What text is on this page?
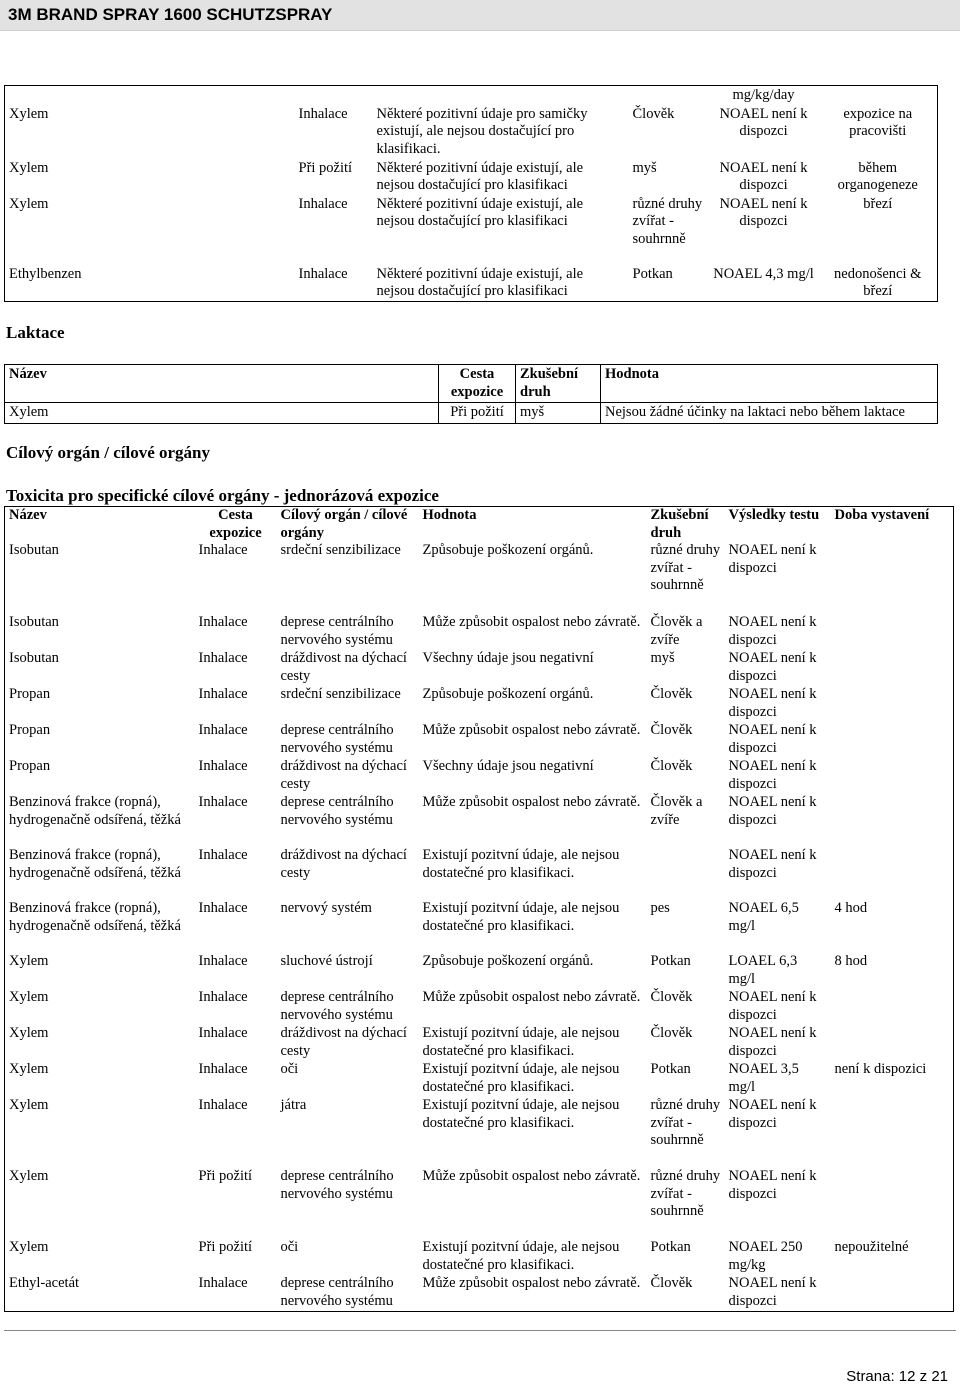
3M BRAND SPRAY 1600 SCHUTZSPRAY
				mg/kg/day	
Xylem	Inhalace	Některé pozitivní údaje pro samičky existují, ale nejsou dostačující pro klasifikaci.	Člověk	NOAEL není k dispozci	expozice na pracovišti
Xylem	Při požití	Některé pozitivní údaje existují, ale nejsou dostačující pro klasifikaci	myš	NOAEL není k dispozci	během organogeneze
Xylem	Inhalace	Některé pozitivní údaje existují, ale nejsou dostačující pro klasifikaci	různé druhy zvířat - souhrnně	NOAEL není k dispozci	březí
Ethylbenzen	Inhalace	Některé pozitivní údaje existují, ale nejsou dostačující pro klasifikaci	Potkan	NOAEL 4,3 mg/l	nedonošenci & březí
Laktace
Název	Cesta expozice	Zkušební druh	Hodnota
Xylem	Při požití	myš	Nejsou žádné účinky na laktaci nebo během laktace
Cílový orgán / cílové orgány
Toxicita pro specifické cílové orgány - jednorázová expozice
Název	Cesta expozice	Cílový orgán / cílové orgány	Hodnota	Zkušební druh	Výsledky testu	Doba vystavení
Isobutan	Inhalace	srdeční senzibilizace	Způsobuje poškození orgánů.	různé druhy zvířat - souhrnně	NOAEL není k dispozci	
Isobutan	Inhalace	deprese centrálního nervového systému	Může způsobit ospalost nebo závratě.	Člověk a zvíře	NOAEL není k dispozci	
Isobutan	Inhalace	dráždivost na dýchací cesty	Všechny údaje jsou negativní	myš	NOAEL není k dispozci	
Propan	Inhalace	srdeční senzibilizace	Způsobuje poškození orgánů.	Člověk	NOAEL není k dispozci	
Propan	Inhalace	deprese centrálního nervového systému	Může způsobit ospalost nebo závratě.	Člověk	NOAEL není k dispozci	
Propan	Inhalace	dráždivost na dýchací cesty	Všechny údaje jsou negativní	Člověk	NOAEL není k dispozci	
Benzinová frakce (ropná), hydrogenačně odsířená, těžká	Inhalace	deprese centrálního nervového systému	Může způsobit ospalost nebo závratě.	Člověk a zvíře	NOAEL není k dispozci	
Benzinová frakce (ropná), hydrogenačně odsířená, těžká	Inhalace	dráždivost na dýchací cesty	Existují pozitvní údaje, ale nejsou dostatečné pro klasifikaci.		NOAEL není k dispozci	
Benzinová frakce (ropná), hydrogenačně odsířená, těžká	Inhalace	nervový systém	Existují pozitvní údaje, ale nejsou dostatečné pro klasifikaci.	pes	NOAEL 6,5 mg/l	4 hod
Xylem	Inhalace	sluchové ústrojí	Způsobuje poškození orgánů.	Potkan	LOAEL 6,3 mg/l	8 hod
Xylem	Inhalace	deprese centrálního nervového systému	Může způsobit ospalost nebo závratě.	Člověk	NOAEL není k dispozci	
Xylem	Inhalace	dráždivost na dýchací cesty	Existují pozitvní údaje, ale nejsou dostatečné pro klasifikaci.	Člověk	NOAEL není k dispozci	
Xylem	Inhalace	oči	Existují pozitvní údaje, ale nejsou dostatečné pro klasifikaci.	Potkan	NOAEL 3,5 mg/l	není k dispozici
Xylem	Inhalace	játra	Existují pozitvní údaje, ale nejsou dostatečné pro klasifikaci.	různé druhy zvířat - souhrnně	NOAEL není k dispozci	
Xylem	Při požití	deprese centrálního nervového systému	Může způsobit ospalost nebo závratě.	různé druhy zvířat - souhrnně	NOAEL není k dispozci	
Xylem	Při požití	oči	Existují pozitvní údaje, ale nejsou dostatečné pro klasifikaci.	Potkan	NOAEL 250 mg/kg	nepoužitelné
Ethyl-acetát	Inhalace	deprese centrálního nervového systému	Může způsobit ospalost nebo závratě.	Člověk	NOAEL není k dispozci	
Strana: 12 z 21
